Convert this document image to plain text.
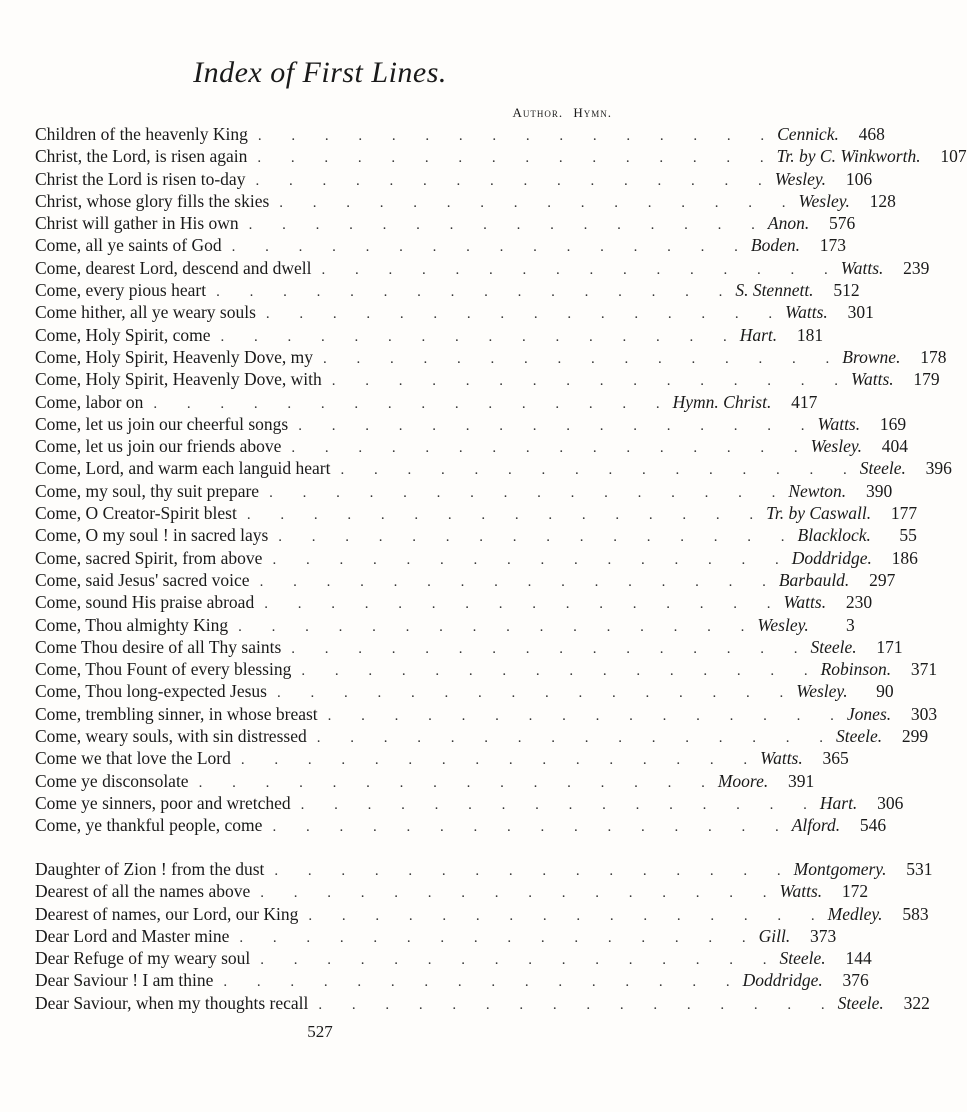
Index of First Lines.
Author. Hymn.
Children of the heavenly King . . . . . . . . . . . . . . . . Cennick.	468
Christ, the Lord, is risen again . . . . . . . . . . . . . . . . Tr. by C. Winkworth.	107
Christ the Lord is risen to-day . . . . . . . . . . . . . . . . Wesley.	106
Christ, whose glory fills the skies . . . . . . . . . . . . . . . . Wesley.	128
Christ will gather in His own . . . . . . . . . . . . . . . . Anon.	576
Come, all ye saints of God . . . . . . . . . . . . . . . . Boden.	173
Come, dearest Lord, descend and dwell . . . . . . . . . . . . . . . . Watts.	239
Come, every pious heart . . . . . . . . . . . . . . . . S. Stennett.	512
Come hither, all ye weary souls . . . . . . . . . . . . . . . . Watts.	301
Come, Holy Spirit, come . . . . . . . . . . . . . . . . Hart.	181
Come, Holy Spirit, Heavenly Dove, my . . . . . . . . . . . . . . . . Browne.	178
Come, Holy Spirit, Heavenly Dove, with . . . . . . . . . . . . . . . . Watts.	179
Come, labor on . . . . . . . . . . . . . . . . Hymn. Christ.	417
Come, let us join our cheerful songs . . . . . . . . . . . . . . . . Watts.	169
Come, let us join our friends above . . . . . . . . . . . . . . . . Wesley.	404
Come, Lord, and warm each languid heart . . . . . . . . . . . . . . . . Steele.	396
Come, my soul, thy suit prepare . . . . . . . . . . . . . . . . Newton.	390
Come, O Creator-Spirit blest . . . . . . . . . . . . . . . . Tr. by Caswall.	177
Come, O my soul ! in sacred lays . . . . . . . . . . . . . . . . Blacklock.	55
Come, sacred Spirit, from above . . . . . . . . . . . . . . . . Doddridge.	186
Come, said Jesus' sacred voice . . . . . . . . . . . . . . . . Barbauld.	297
Come, sound His praise abroad . . . . . . . . . . . . . . . . Watts.	230
Come, Thou almighty King . . . . . . . . . . . . . . . . Wesley.	3
Come Thou desire of all Thy saints . . . . . . . . . . . . . . . . Steele.	171
Come, Thou Fount of every blessing . . . . . . . . . . . . . . . . Robinson.	371
Come, Thou long-expected Jesus . . . . . . . . . . . . . . . . Wesley.	90
Come, trembling sinner, in whose breast . . . . . . . . . . . . . . . . Jones.	303
Come, weary souls, with sin distressed . . . . . . . . . . . . . . . . Steele.	299
Come we that love the Lord . . . . . . . . . . . . . . . . Watts.	365
Come ye disconsolate . . . . . . . . . . . . . . . . Moore.	391
Come ye sinners, poor and wretched . . . . . . . . . . . . . . . . Hart.	306
Come, ye thankful people, come . . . . . . . . . . . . . . . . Alford.	546
Daughter of Zion ! from the dust . . . . . . . . . . . . . . . . Montgomery.	531
Dearest of all the names above . . . . . . . . . . . . . . . . Watts.	172
Dearest of names, our Lord, our King . . . . . . . . . . . . . . . . Medley.	583
Dear Lord and Master mine . . . . . . . . . . . . . . . . Gill.	373
Dear Refuge of my weary soul . . . . . . . . . . . . . . . . Steele.	144
Dear Saviour ! I am thine . . . . . . . . . . . . . . . . Doddridge.	376
Dear Saviour, when my thoughts recall . . . . . . . . . . . . . . . . Steele.	322
527
